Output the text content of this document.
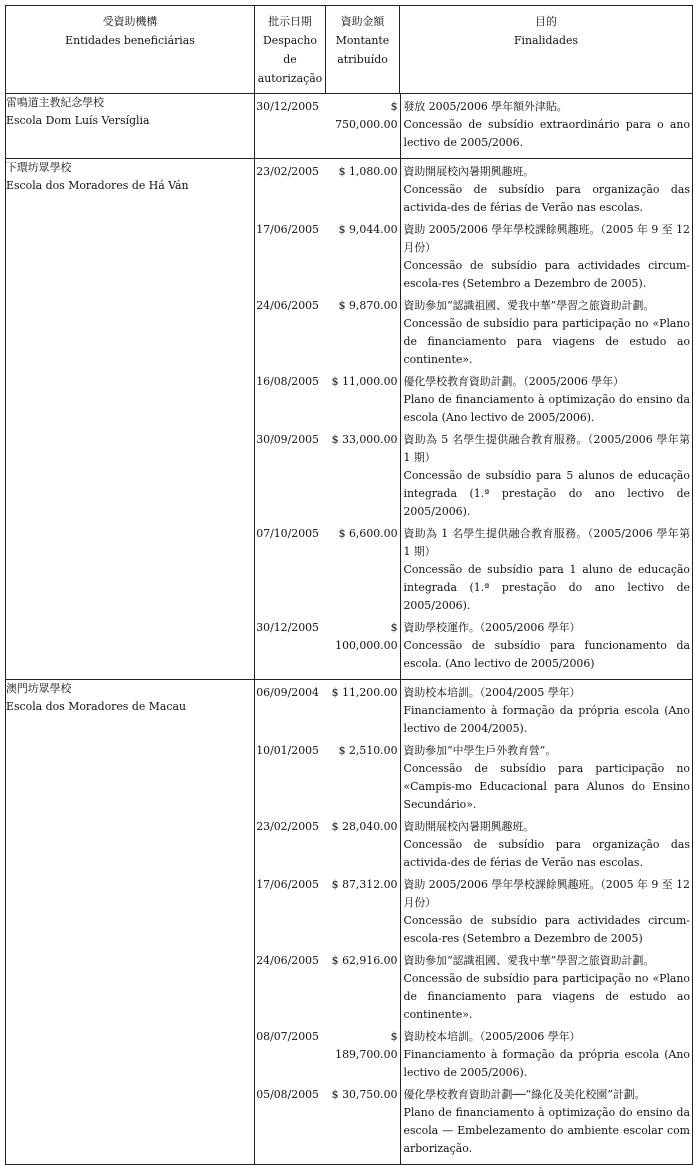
受資助機構
Entidades beneficiárias

批示日期
Despacho de
autorização

資助金額
Montante
atribuído

目的
Finalidades

雷鳴道主教紀念學校
Escola Dom Luís Versíglia

30/12/2005	$ 750,000.00	
發放 2005/2006 學年額外津貼。
Concessão de subsídio extraordinário para o ano lectivo de 2005/2006.

下環坊眾學校
Escola dos Moradores de Há Ván

23/02/2005	$ 1,080.00	資助開展校內暑期興趣班。
Concessão de subsídio para organização das activida-des de férias de Verão nas escolas.

17/06/2005	$ 9,044.00	資助 2005/2006 學年學校課餘興趣班。（2005 年 9 至 12 月份）
Concessão de subsídio para actividades circum-escola-res (Setembro a Dezembro de 2005).

24/06/2005	$ 9,870.00	資助參加“認識祖國、愛我中華”學習之旅資助計劃。
Concessão de subsídio para participação no «Plano de financiamento para viagens de estudo ao continente».

16/08/2005	$ 11,000.00	優化學校教育資助計劃。（2005/2006 學年）
Plano de financiamento à optimização do ensino da escola (Ano lectivo de 2005/2006).

30/09/2005	$ 33,000.00	資助為 5 名學生提供融合教育服務。（2005/2006 學年第 1 期）
Concessão de subsídio para 5 alunos de educação integrada (1.ª prestação do ano lectivo de 2005/2006).

07/10/2005	$ 6,600.00	資助為 1 名學生提供融合教育服務。（2005/2006 學年第 1 期）
Concessão de subsídio para 1 aluno de educação integrada (1.ª prestação do ano lectivo de 2005/2006).

30/12/2005	$ 100,000.00	
資助學校運作。（2005/2006 學年）
Concessão de subsídio para funcionamento da escola. (Ano lectivo de 2005/2006)

澳門坊眾學校
Escola dos Moradores de Macau

06/09/2004	$ 11,200.00	資助校本培訓。（2004/2005 學年）
Financiamento à formação da própria escola (Ano lectivo de 2004/2005).

10/01/2005	$ 2,510.00	資助參加“中學生戶外教育營”。
Concessão de subsídio para participação no «Campis-mo Educacional para Alunos do Ensino Secundário».

23/02/2005	$ 28,040.00	資助開展校內暑期興趣班。
Concessão de subsídio para organização das activida-des de férias de Verão nas escolas.

17/06/2005	$ 87,312.00	資助 2005/2006 學年學校課餘興趣班。（2005 年 9 至 12 月份）
Concessão de subsídio para actividades circum-escola-res (Setembro a Dezembro de 2005)

24/06/2005	$ 62,916.00	資助參加“認識祖國、愛我中華”學習之旅資助計劃。
Concessão de subsídio para participação no «Plano de financiamento para viagens de estudo ao continente».

08/07/2005	$ 189,700.00	
資助校本培訓。（2005/2006 學年）
Financiamento à formação da própria escola (Ano lectivo de 2005/2006).

05/08/2005	$ 30,750.00	優化學校教育資助計劃──“綠化及美化校園”計劃。
Plano de financiamento à optimização do ensino da escola — Embelezamento do ambiente escolar com arborização.
